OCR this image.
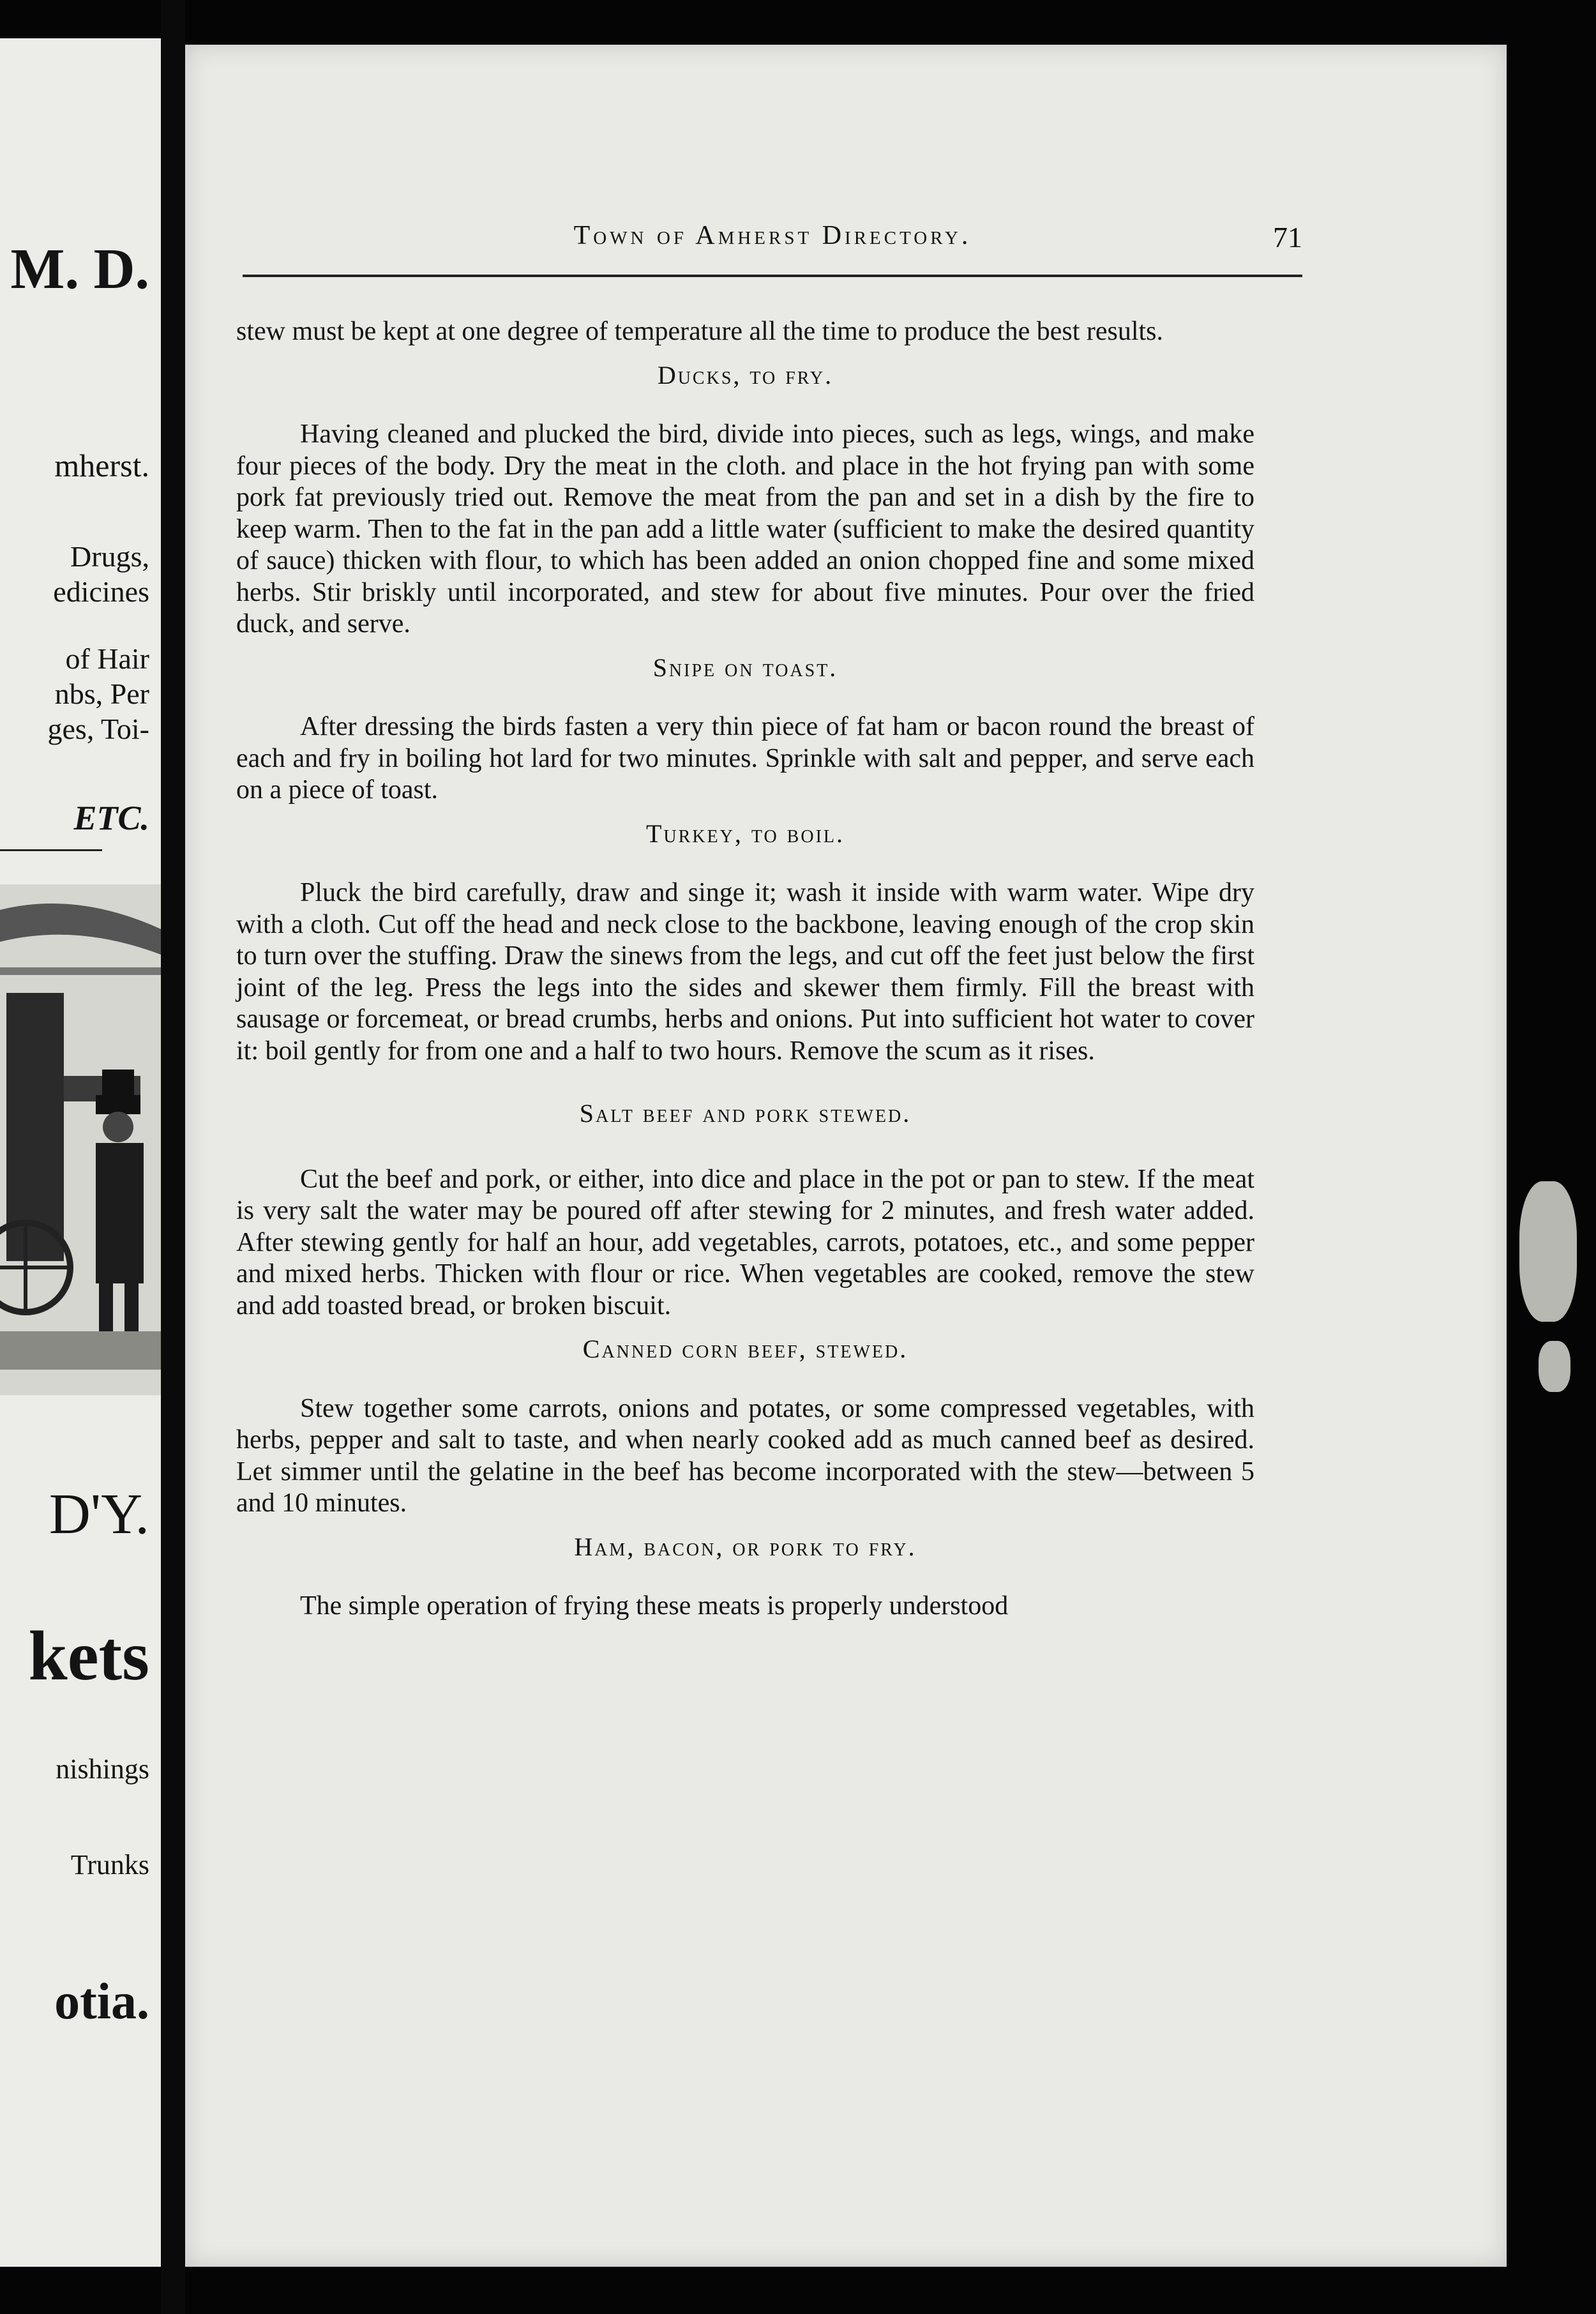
M. D.
mherst.
Drugs,
edicines
of Hair
nbs, Per
ges, Toi-
ETC.
D'Y.
kets
nishings
Trunks
otia.
Town of Amherst Directory.	71

stew must be kept at one degree of temperature all the time to produce the best results.

Ducks, to fry.

Having cleaned and plucked the bird, divide into pieces, such as legs, wings, and make four pieces of the body. Dry the meat in the cloth. and place in the hot frying pan with some pork fat previously tried out. Remove the meat from the pan and set in a dish by the fire to keep warm. Then to the fat in the pan add a little water (sufficient to make the desired quantity of sauce) thicken with flour, to which has been added an onion chopped fine and some mixed herbs. Stir briskly until incorporated, and stew for about five minutes. Pour over the fried duck, and serve.

Snipe on toast.

After dressing the birds fasten a very thin piece of fat ham or bacon round the breast of each and fry in boiling hot lard for two minutes. Sprinkle with salt and pepper, and serve each on a piece of toast.

Turkey, to boil.

Pluck the bird carefully, draw and singe it; wash it inside with warm water. Wipe dry with a cloth. Cut off the head and neck close to the backbone, leaving enough of the crop skin to turn over the stuffing. Draw the sinews from the legs, and cut off the feet just below the first joint of the leg. Press the legs into the sides and skewer them firmly. Fill the breast with sausage or forcemeat, or bread crumbs, herbs and onions. Put into sufficient hot water to cover it: boil gently for from one and a half to two hours. Remove the scum as it rises.

Salt beef and pork stewed.

Cut the beef and pork, or either, into dice and place in the pot or pan to stew. If the meat is very salt the water may be poured off after stewing for 2 minutes, and fresh water added. After stewing gently for half an hour, add vegetables, carrots, potatoes, etc., and some pepper and mixed herbs. Thicken with flour or rice. When vegetables are cooked, remove the stew and add toasted bread, or broken biscuit.

Canned corn beef, stewed.

Stew together some carrots, onions and potates, or some compressed vegetables, with herbs, pepper and salt to taste, and when nearly cooked add as much canned beef as desired. Let simmer until the gelatine in the beef has become incorporated with the stew—between 5 and 10 minutes.

Ham, bacon, or pork to fry.

The simple operation of frying these meats is properly understood
